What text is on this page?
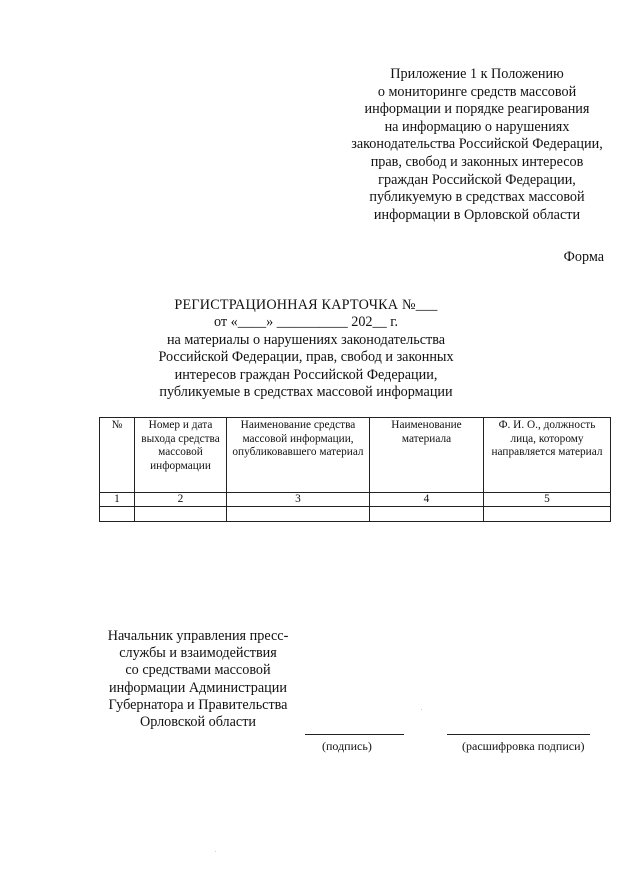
Приложение 1 к Положению
о мониторинге средств массовой
информации и порядке реагирования
на информацию о нарушениях
законодательства Российской Федерации,
прав, свобод и законных интересов
граждан Российской Федерации,
публикуемую в средствах массовой
информации в Орловской области
Форма
РЕГИСТРАЦИОННАЯ КАРТОЧКА №___
от «____» __________ 202__ г.
на материалы о нарушениях законодательства
Российской Федерации, прав, свобод и законных
интересов граждан Российской Федерации,
публикуемые в средствах массовой информации
№	Номер и дата выхода средства массовой информации	Наименование средства массовой информации, опубликовавшего материал	Наименование материала	Ф. И. О., должность лица, которому направляется материал
1	2	3	4	5

Начальник управления пресс-
службы и взаимодействия
со средствами массовой
информации Администрации
Губернатора и Правительства
Орловской области
(подпись)	(расшифровка подписи)
